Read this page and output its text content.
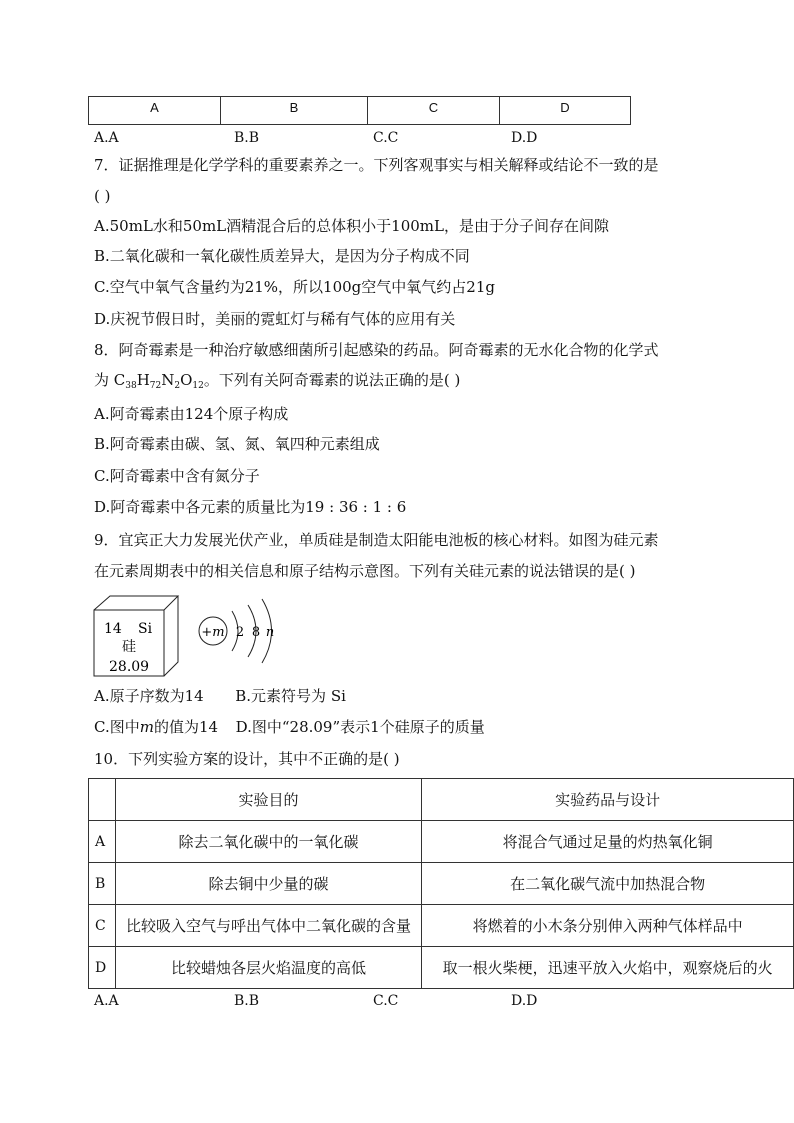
A	B	C	D
A.A	B.B	C.C	D.D
7．证据推理是化学学科的重要素养之一。下列客观事实与相关解释或结论不一致的是
( )
A.50mL水和50mL酒精混合后的总体积小于100mL，是由于分子间存在间隙
B.二氧化碳和一氧化碳性质差异大，是因为分子构成不同
C.空气中氧气含量约为21%，所以100g空气中氧气约占21g
D.庆祝节假日时，美丽的霓虹灯与稀有气体的应用有关
8．阿奇霉素是一种治疗敏感细菌所引起感染的药品。阿奇霉素的无水化合物的化学式
为 $C_{38}H_{72}N_2O_{12}$。下列有关阿奇霉素的说法正确的是( )
A.阿奇霉素由124个原子构成
B.阿奇霉素由碳、氢、氮、氧四种元素组成
C.阿奇霉素中含有氮分子
D.阿奇霉素中各元素的质量比为19 : 36 : 1 : 6
9．宜宾正大力发展光伏产业，单质硅是制造太阳能电池板的核心材料。如图为硅元素
在元素周期表中的相关信息和原子结构示意图。下列有关硅元素的说法错误的是( )
14 Si
硅
28.09
+m 2 8 n
A.原子序数为14 B.元素符号为 Si
C.图中m的值为14 D.图中“28.09”表示1个硅原子的质量
10．下列实验方案的设计，其中不正确的是( )
	实验目的	实验药品与设计
A	除去二氧化碳中的一氧化碳	将混合气通过足量的灼热氧化铜
B	除去铜中少量的碳	在二氧化碳气流中加热混合物
C	比较吸入空气与呼出气体中二氧化碳的含量	将燃着的小木条分别伸入两种气体样品中
D	比较蜡烛各层火焰温度的高低	取一根火柴梗，迅速平放入火焰中，观察烧后的火
A.A	B.B	C.C	D.D
